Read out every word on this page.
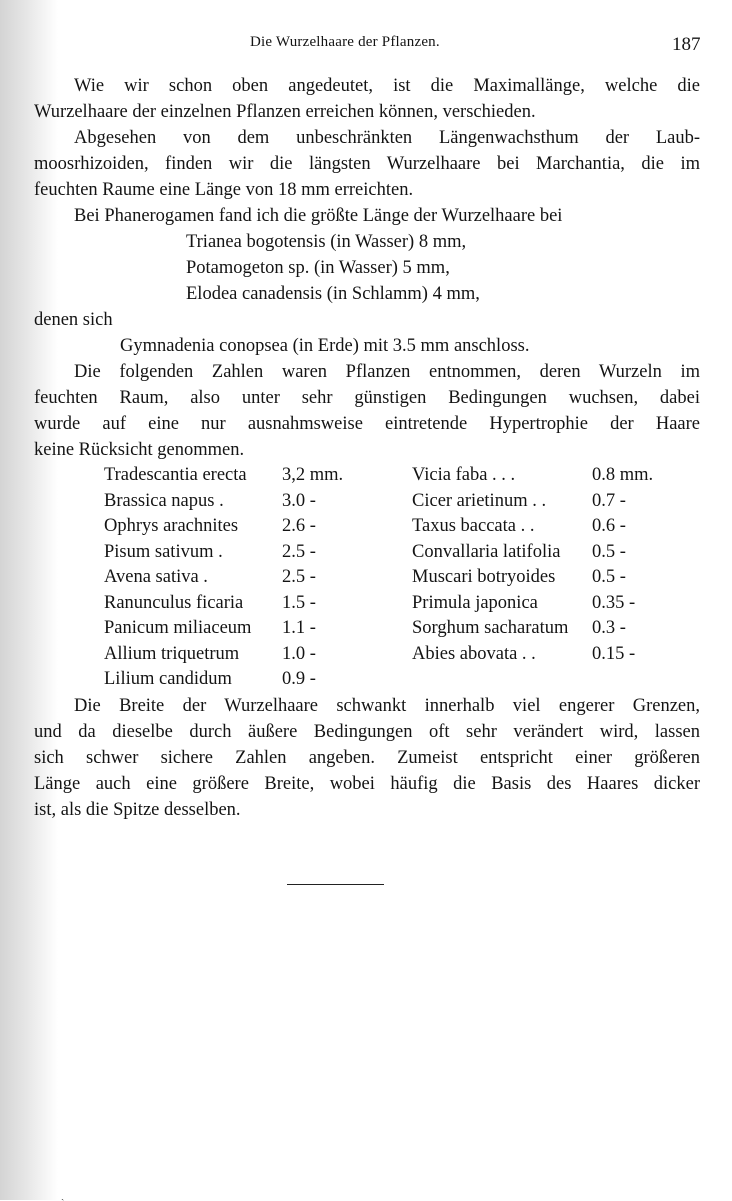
Die Wurzelhaare der Pflanzen.	187

Wie wir schon oben angedeutet, ist die Maximallänge, welche die
Wurzelhaare der einzelnen Pflanzen erreichen können, verschieden.

Abgesehen von dem unbeschränkten Längenwachsthum der Laub-
moosrhizoiden, finden wir die längsten Wurzelhaare bei Marchantia, die im
feuchten Raume eine Länge von 18 mm erreichten.

Bei Phanerogamen fand ich die größte Länge der Wurzelhaare bei

Trianea bogotensis (in Wasser) 8 mm,

Potamogeton sp. (in Wasser) 5 mm,

Elodea canadensis (in Schlamm) 4 mm,

denen sich

Gymnadenia conopsea (in Erde) mit 3.5 mm anschloss.

Die folgenden Zahlen waren Pflanzen entnommen, deren Wurzeln im
feuchten Raum, also unter sehr günstigen Bedingungen wuchsen, dabei
wurde auf eine nur ausnahmsweise eintretende Hypertrophie der Haare
keine Rücksicht genommen.

Tradescantia erecta	3,2 mm.	Vicia faba . . .	0.8 mm.
Brassica napus .	3.0 -	Cicer arietinum . .	0.7 -
Ophrys arachnites	2.6 -	Taxus baccata . .	0.6 -
Pisum sativum .	2.5 -	Convallaria latifolia	0.5 -
Avena sativa .	2.5 -	Muscari botryoides	0.5 -
Ranunculus ficaria	1.5 -	Primula japonica	0.35 -
Panicum miliaceum	1.1 -	Sorghum sacharatum	0.3 -
Allium triquetrum	1.0 -	Abies abovata . .	0.15 -
Lilium candidum	0.9 -		

Die Breite der Wurzelhaare schwankt innerhalb viel engerer Grenzen,
und da dieselbe durch äußere Bedingungen oft sehr verändert wird, lassen
sich schwer sichere Zahlen angeben. Zumeist entspricht einer größeren
Länge auch eine größere Breite, wobei häufig die Basis des Haares dicker
ist, als die Spitze desselben.

ˎ
